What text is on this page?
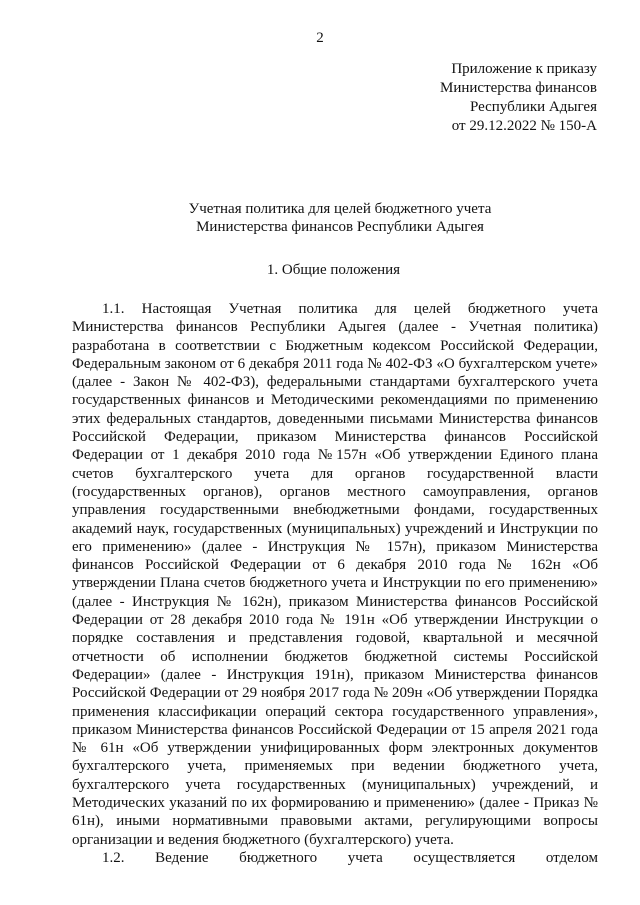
2
Приложение к приказу
Министерства финансов
Республики Адыгея
от 29.12.2022 № 150-А
Учетная политика для целей бюджетного учета
Министерства финансов Республики Адыгея
1. Общие положения

1.1. Настоящая Учетная политика для целей бюджетного учета Министерства финансов Республики Адыгея (далее - Учетная политика) разработана в соответствии с Бюджетным кодексом Российской Федерации, Федеральным законом от 6 декабря 2011 года № 402-ФЗ «О бухгалтерском учете» (далее - Закон № 402-ФЗ), федеральными стандартами бухгалтерского учета государственных финансов и Методическими рекомендациями по применению этих федеральных стандартов, доведенными письмами Министерства финансов Российской Федерации, приказом Министерства финансов Российской Федерации от 1 декабря 2010 года №157н «Об утверждении Единого плана счетов бухгалтерского учета для органов государственной власти (государственных органов), органов местного самоуправления, органов управления государственными внебюджетными фондами, государственных академий наук, государственных (муниципальных) учреждений и Инструкции по его применению» (далее - Инструкция № 157н), приказом Министерства финансов Российской Федерации от 6 декабря 2010 года № 162н «Об утверждении Плана счетов бюджетного учета и Инструкции по его применению» (далее - Инструкция № 162н), приказом Министерства финансов Российской Федерации от 28 декабря 2010 года № 191н «Об утверждении Инструкции о порядке составления и представления годовой, квартальной и месячной отчетности об исполнении бюджетов бюджетной системы Российской Федерации» (далее - Инструкция 191н), приказом Министерства финансов Российской Федерации от 29 ноября 2017 года № 209н «Об утверждении Порядка применения классификации операций сектора государственного управления», приказом Министерства финансов Российской Федерации от 15 апреля 2021 года № 61н «Об утверждении унифицированных форм электронных документов бухгалтерского учета, применяемых при ведении бюджетного учета, бухгалтерского учета государственных (муниципальных) учреждений, и Методических указаний по их формированию и применению» (далее - Приказ № 61н), иными нормативными правовыми актами, регулирующими вопросы организации и ведения бюджетного (бухгалтерского) учета.

1.2. Ведение бюджетного учета осуществляется отделом
